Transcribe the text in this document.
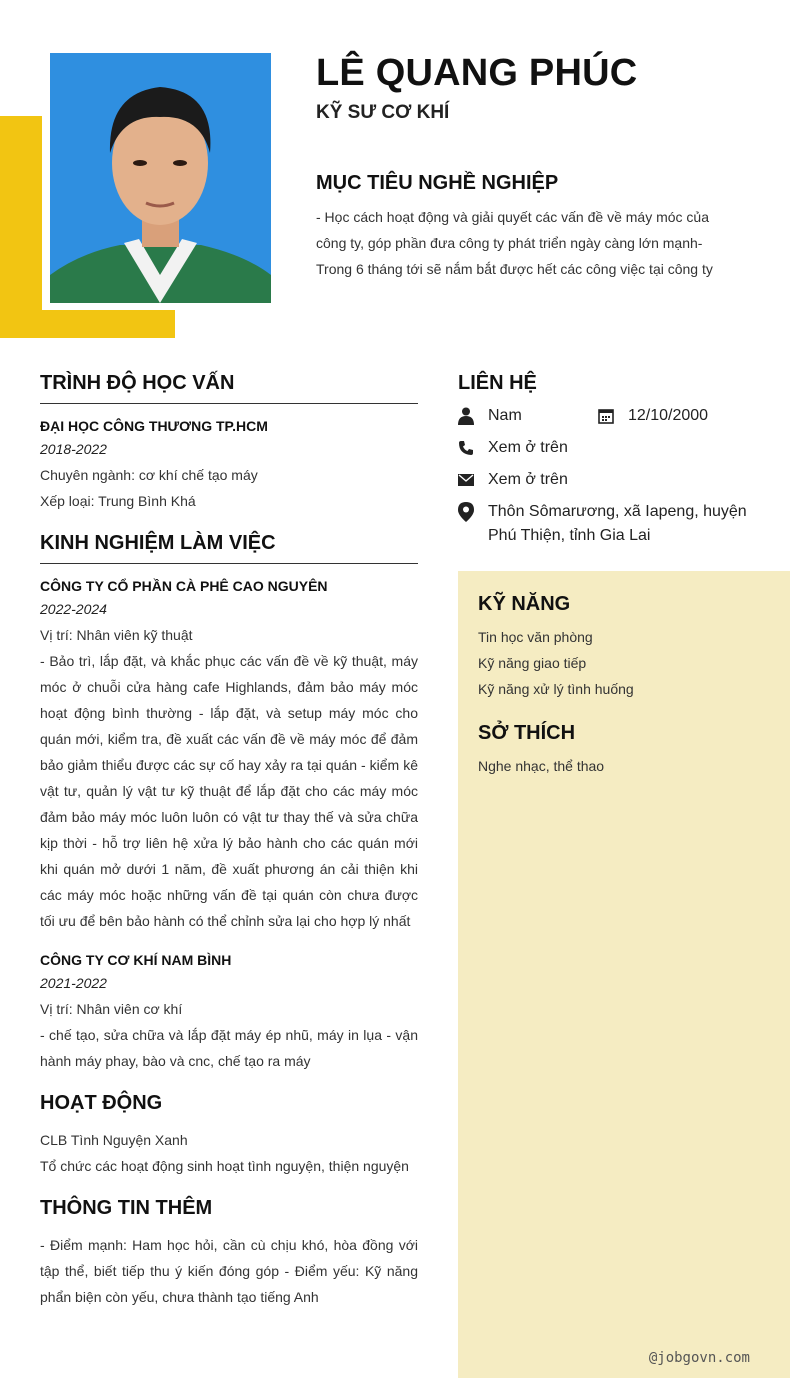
LÊ QUANG PHÚC
KỸ SƯ CƠ KHÍ
MỤC TIÊU NGHỀ NGHIỆP

- Học cách hoạt động và giải quyết các vấn đề về máy móc của công ty, góp phần đưa công ty phát triển ngày càng lớn mạnh- Trong 6 tháng tới sẽ nắm bắt được hết các công việc tại công ty

TRÌNH ĐỘ HỌC VẤN

ĐẠI HỌC CÔNG THƯƠNG TP.HCM

2018-2022

Chuyên ngành: cơ khí chế tạo máy

Xếp loại: Trung Bình Khá

KINH NGHIỆM LÀM VIỆC

CÔNG TY CỔ PHẦN CÀ PHÊ CAO NGUYÊN

2022-2024

Vị trí: Nhân viên kỹ thuật

- Bảo trì, lắp đặt, và khắc phục các vấn đề về kỹ thuật, máy móc ở chuỗi cửa hàng cafe Highlands, đảm bảo máy móc hoạt động bình thường - lắp đặt, và setup máy móc cho quán mới, kiểm tra, đề xuất các vấn đề về máy móc để đảm bảo giảm thiểu được các sự cố hay xảy ra tại quán - kiểm kê vật tư, quản lý vật tư kỹ thuật để lắp đặt cho các máy móc đảm bảo máy móc luôn luôn có vật tư thay thế và sửa chữa kịp thời - hỗ trợ liên hệ xửa lý bảo hành cho các quán mới khi quán mở dưới 1 năm, đề xuất phương án cải thiện khi các máy móc hoặc những vấn đề tại quán còn chưa được tối ưu để bên bảo hành có thể chỉnh sửa lại cho hợp lý nhất

CÔNG TY CƠ KHÍ NAM BÌNH

2021-2022

Vị trí: Nhân viên cơ khí

- chế tạo, sửa chữa và lắp đặt máy ép nhũ, máy in lụa - vận hành máy phay, bào và cnc, chế tạo ra máy

HOẠT ĐỘNG

CLB Tình Nguyện Xanh

Tổ chức các hoạt động sinh hoạt tình nguyện, thiện nguyện

THÔNG TIN THÊM

- Điểm mạnh: Ham học hỏi, cần cù chịu khó, hòa đồng với tập thể, biết tiếp thu ý kiến đóng góp - Điểm yếu: Kỹ năng phẩn biện còn yếu, chưa thành tạo tiếng Anh

LIÊN HỆ
Nam	12/10/2000
Xem ở trên
Xem ở trên
Thôn Sômarương, xã Iapeng, huyện Phú Thiện, tỉnh Gia Lai
KỸ NĂNG

Tin học văn phòng

Kỹ năng giao tiếp

Kỹ năng xử lý tình huống

SỞ THÍCH

Nghe nhạc, thể thao

@jobgovn.com
